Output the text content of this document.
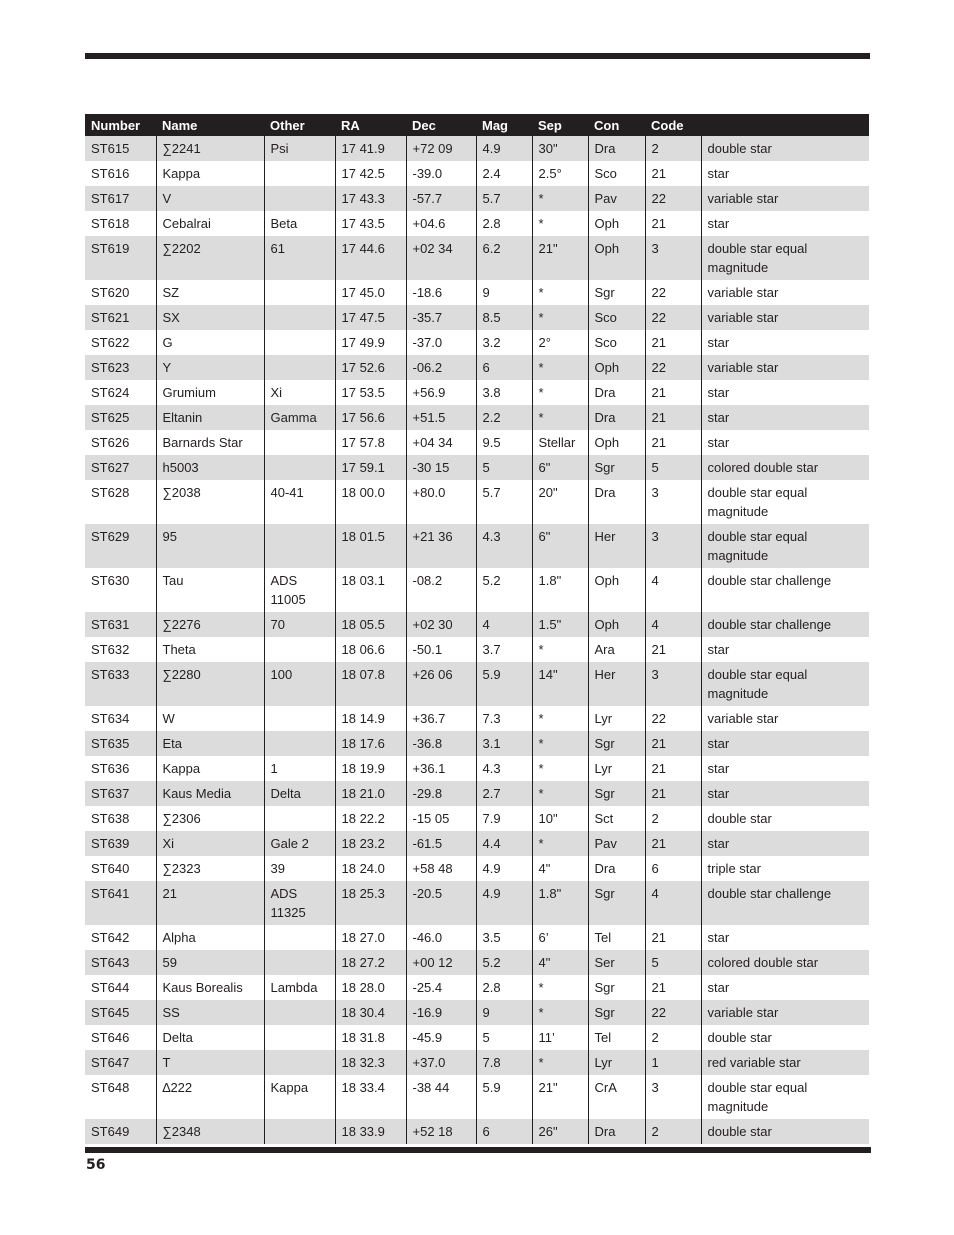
Number	Name	Other	RA	Dec	Mag	Sep	Con	Code	
ST615	∑2241	Psi	17 41.9	+72 09	4.9	30"	Dra	2	double star
ST616	Kappa		17 42.5	-39.0	2.4	2.5°	Sco	21	star
ST617	V		17 43.3	-57.7	5.7	*	Pav	22	variable star
ST618	Cebalrai	Beta	17 43.5	+04.6	2.8	*	Oph	21	star
ST619	∑2202	61	17 44.6	+02 34	6.2	21"	Oph	3	double star equal magnitude
ST620	SZ		17 45.0	-18.6	9	*	Sgr	22	variable star
ST621	SX		17 47.5	-35.7	8.5	*	Sco	22	variable star
ST622	G		17 49.9	-37.0	3.2	2°	Sco	21	star
ST623	Y		17 52.6	-06.2	6	*	Oph	22	variable star
ST624	Grumium	Xi	17 53.5	+56.9	3.8	*	Dra	21	star
ST625	Eltanin	Gamma	17 56.6	+51.5	2.2	*	Dra	21	star
ST626	Barnards Star		17 57.8	+04 34	9.5	Stellar	Oph	21	star
ST627	h5003		17 59.1	-30 15	5	6"	Sgr	5	colored double star
ST628	∑2038	40-41	18 00.0	+80.0	5.7	20"	Dra	3	double star equal magnitude
ST629	95		18 01.5	+21 36	4.3	6"	Her	3	double star equal magnitude
ST630	Tau	ADS 11005	18 03.1	-08.2	5.2	1.8"	Oph	4	double star challenge
ST631	∑2276	70	18 05.5	+02 30	4	1.5"	Oph	4	double star challenge
ST632	Theta		18 06.6	-50.1	3.7	*	Ara	21	star
ST633	∑2280	100	18 07.8	+26 06	5.9	14"	Her	3	double star equal magnitude
ST634	W		18 14.9	+36.7	7.3	*	Lyr	22	variable star
ST635	Eta		18 17.6	-36.8	3.1	*	Sgr	21	star
ST636	Kappa	1	18 19.9	+36.1	4.3	*	Lyr	21	star
ST637	Kaus Media	Delta	18 21.0	-29.8	2.7	*	Sgr	21	star
ST638	∑2306		18 22.2	-15 05	7.9	10"	Sct	2	double star
ST639	Xi	Gale 2	18 23.2	-61.5	4.4	*	Pav	21	star
ST640	∑2323	39	18 24.0	+58 48	4.9	4"	Dra	6	triple star
ST641	21	ADS 11325	18 25.3	-20.5	4.9	1.8"	Sgr	4	double star challenge
ST642	Alpha		18 27.0	-46.0	3.5	6’	Tel	21	star
ST643	59		18 27.2	+00 12	5.2	4"	Ser	5	colored double star
ST644	Kaus Borealis	Lambda	18 28.0	-25.4	2.8	*	Sgr	21	star
ST645	SS		18 30.4	-16.9	9	*	Sgr	22	variable star
ST646	Delta		18 31.8	-45.9	5	11’	Tel	2	double star
ST647	T		18 32.3	+37.0	7.8	*	Lyr	1	red variable star
ST648	∆222	Kappa	18 33.4	-38 44	5.9	21"	CrA	3	double star equal magnitude
ST649	∑2348		18 33.9	+52 18	6	26"	Dra	2	double star
56
